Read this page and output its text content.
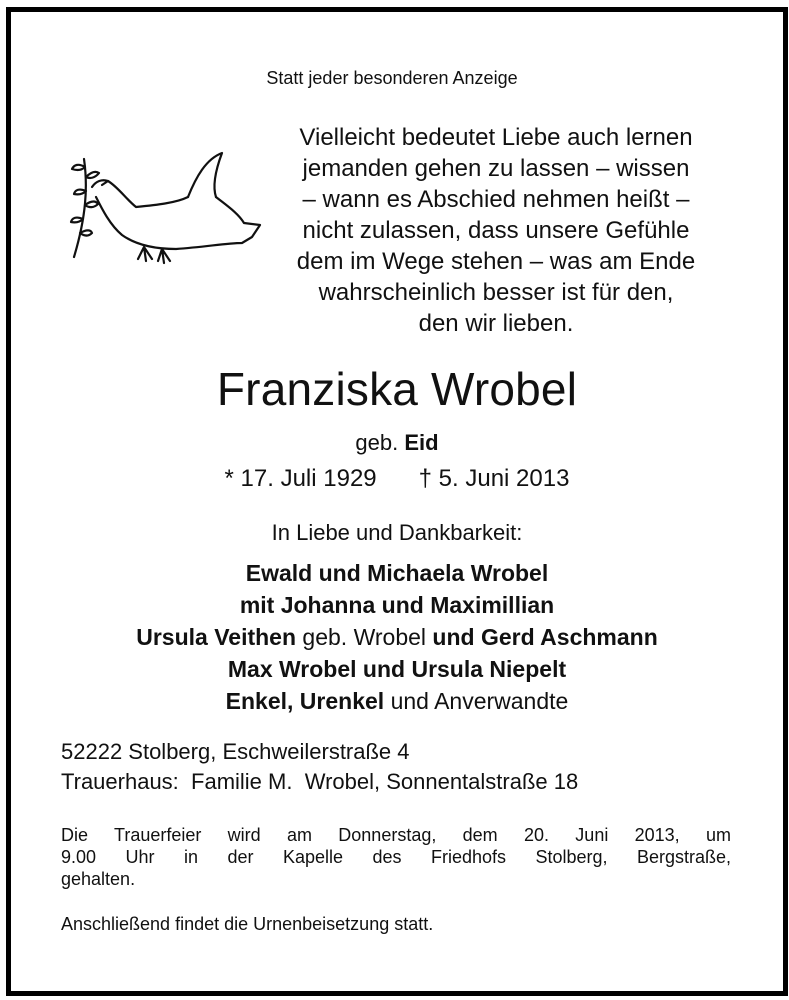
Statt jeder besonderen Anzeige
Vielleicht bedeutet Liebe auch lernen
jemanden gehen zu lassen – wissen
– wann es Abschied nehmen heißt –
nicht zulassen, dass unsere Gefühle
dem im Wege stehen – was am Ende
wahrscheinlich besser ist für den,
den wir lieben.
Franziska Wrobel
geb. Eid
* 17. Juli 1929 † 5. Juni 2013
In Liebe und Dankbarkeit:
Ewald und Michaela Wrobel
mit Johanna und Maximillian
Ursula Veithen geb. Wrobel und Gerd Aschmann
Max Wrobel und Ursula Niepelt
Enkel, Urenkel und Anverwandte
52222 Stolberg, Eschweilerstraße 4
Trauerhaus:  Familie M.  Wrobel, Sonnentalstraße 18
Die Trauerfeier wird am Donnerstag, dem 20. Juni 2013, um
9.00 Uhr in der Kapelle des Friedhofs Stolberg, Bergstraße,
gehalten.
Anschließend findet die Urnenbeisetzung statt.
